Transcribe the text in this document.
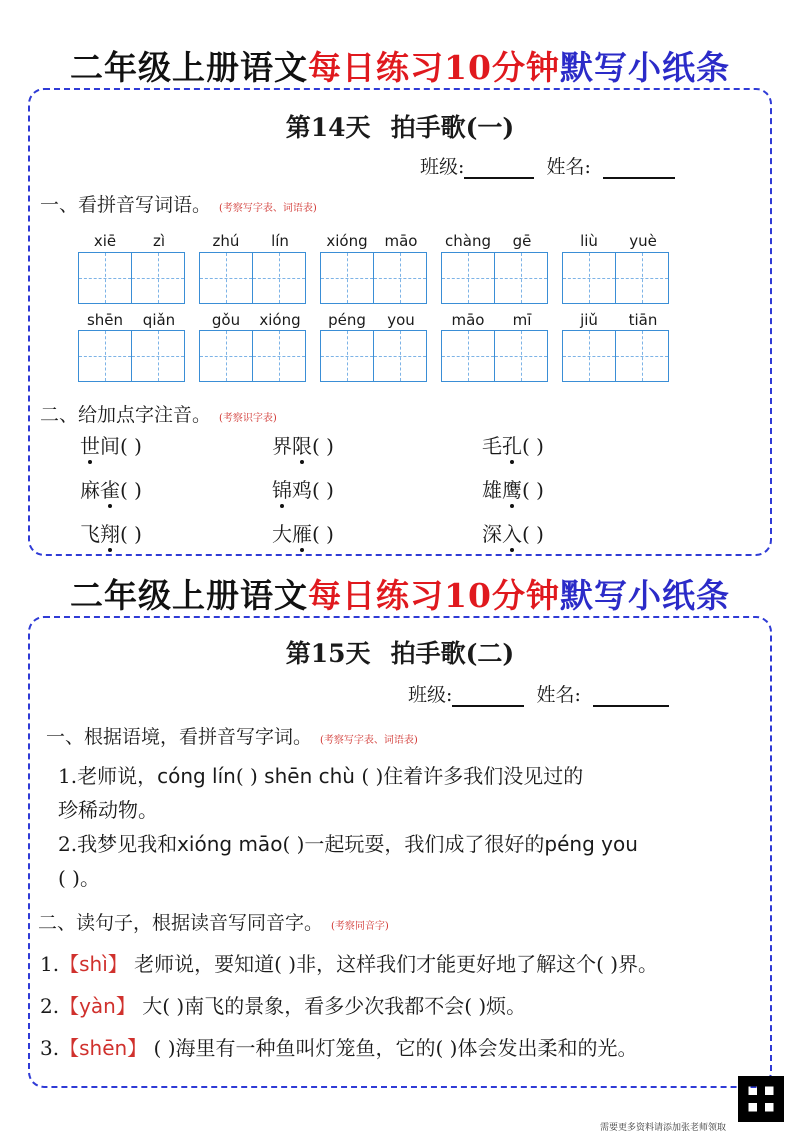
二年级上册语文每日练习10分钟默写小纸条
第14天 拍手歌(一)
班级:	姓名:
一、看拼音写词语。 (考察写字表、词语表)
xiē	zì	zhú	lín	xióng	māo	chàng	gē	liù	yuè
shēn	qiǎn	gǒu	xióng	péng	you	māo	mī	jiǔ	tiān
二、给加点字注音。 (考察识字表)
世间( )	界限( )	毛孔( )
麻雀( )	锦鸡( )	雄鹰( )
飞翔( )	大雁( )	深入( )
二年级上册语文每日练习10分钟默写小纸条
第15天 拍手歌(二)
班级:	姓名:
一、根据语境，看拼音写字词。 (考察写字表、词语表)
1.老师说，cóng lín( ) shēn chù ( )住着许多我们没见过的
珍稀动物。
2.我梦见我和xióng māo( )一起玩耍，我们成了很好的péng you
( )。
二、读句子，根据读音写同音字。 (考察同音字)
1.【shì】 老师说，要知道( )非，这样我们才能更好地了解这个( )界。
2.【yàn】 大( )南飞的景象，看多少次我都不会( )烦。
3.【shēn】 ( )海里有一种鱼叫灯笼鱼，它的( )体会发出柔和的光。
需要更多资料请添加张老师领取
